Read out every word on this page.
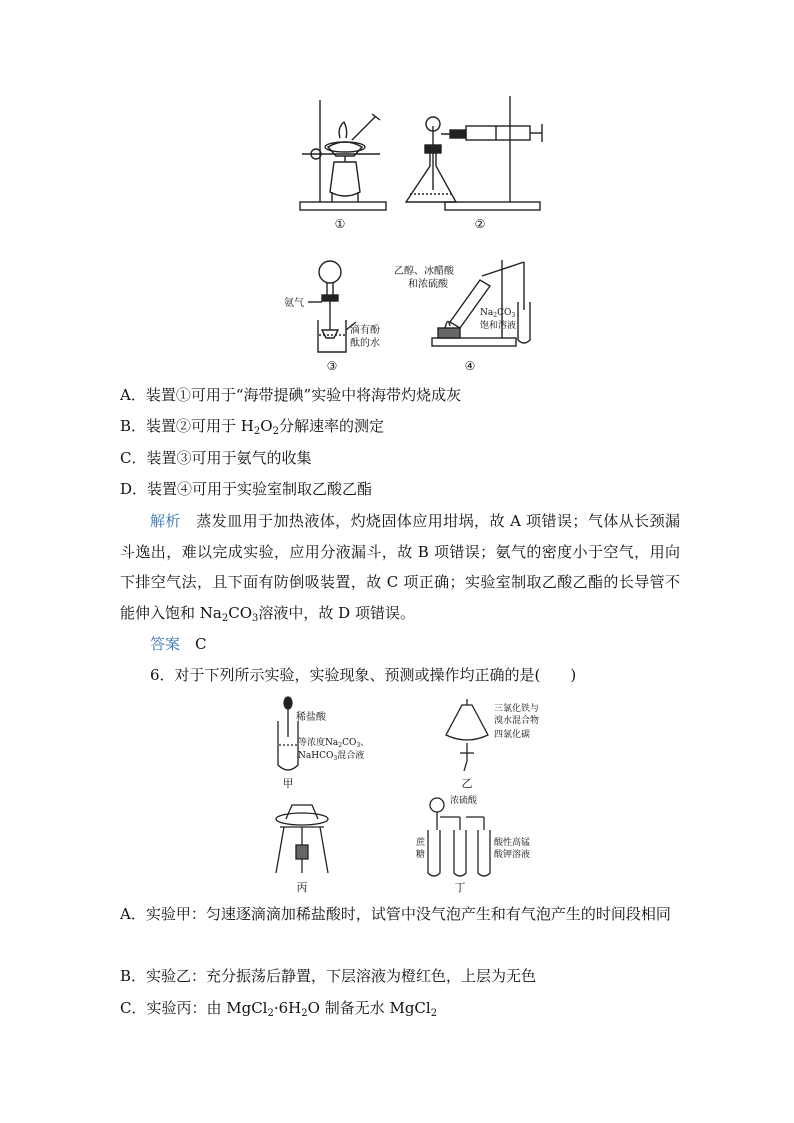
①	②
③	④
氨气
滴有酚
酞的水
乙醇、冰醋酸
和浓硫酸
$Na_2CO_3$
饱和溶液
A．装置①可用于“海带提碘”实验中将海带灼烧成灰
B．装置②可用于 $H_2O_2$分解速率的测定
C．装置③可用于氨气的收集
D．装置④可用于实验室制取乙酸乙酯
解析　蒸发皿用于加热液体，灼烧固体应用坩埚，故 A 项错误；气体从长颈漏斗逸出，难以完成实验，应用分液漏斗，故 B 项错误；氨气的密度小于空气，用向下排空气法，且下面有防倒吸装置，故 C 项正确；实验室制取乙酸乙酯的长导管不能伸入饱和 $Na_2CO_3$溶液中，故 D 项错误。
答案　C
6．对于下列所示实验，实验现象、预测或操作均正确的是(　　)
稀盐酸
等浓度$Na_2CO_3$、
NaHCO$_3$混合液
甲
三氯化铁与
溴水混合物
四氯化碳
乙
丙
浓硫酸
蔗
糖
酸性高锰
酸钾溶液
丁
A．实验甲：匀速逐滴滴加稀盐酸时，试管中没气泡产生和有气泡产生的时间段相同
B．实验乙：充分振荡后静置，下层溶液为橙红色，上层为无色
C．实验丙：由 $MgCl_2\cdot 6H_2O$ 制备无水 MgCl$_2$
